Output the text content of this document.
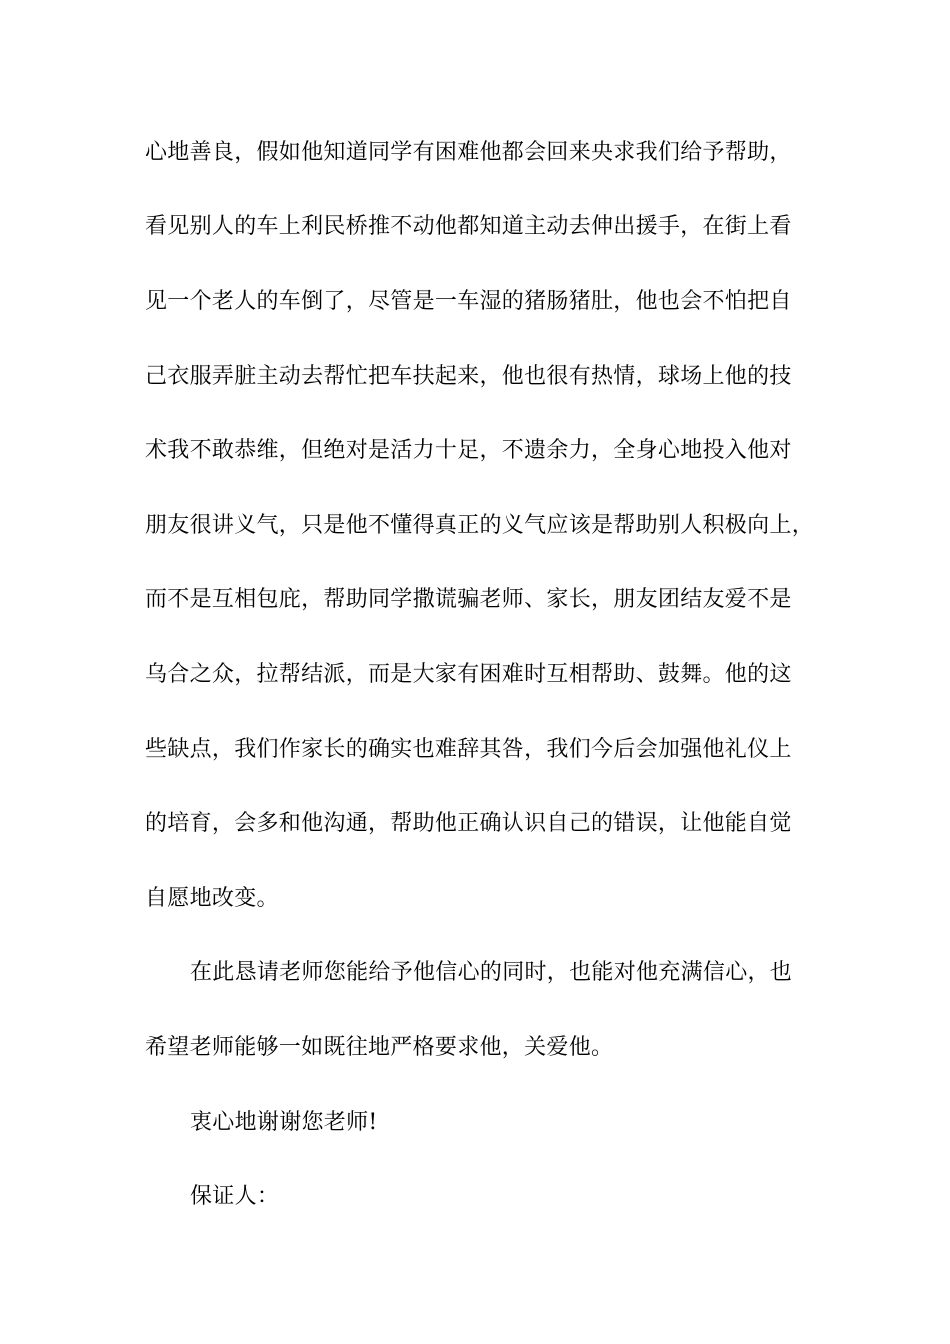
心地善良，假如他知道同学有困难他都会回来央求我们给予帮助，
看见别人的车上利民桥推不动他都知道主动去伸出援手，在街上看
见一个老人的车倒了，尽管是一车湿的猪肠猪肚，他也会不怕把自
己衣服弄脏主动去帮忙把车扶起来，他也很有热情，球场上他的技
术我不敢恭维，但绝对是活力十足，不遗余力，全身心地投入他对
朋友很讲义气，只是他不懂得真正的义气应该是帮助别人积极向上，
而不是互相包庇，帮助同学撒谎骗老师、家长，朋友团结友爱不是
乌合之众，拉帮结派，而是大家有困难时互相帮助、鼓舞。他的这
些缺点，我们作家长的确实也难辞其咎，我们今后会加强他礼仪上
的培育，会多和他沟通，帮助他正确认识自己的错误，让他能自觉
自愿地改变。
在此恳请老师您能给予他信心的同时，也能对他充满信心，也
希望老师能够一如既往地严格要求他，关爱他。
衷心地谢谢您老师!
保证人：
